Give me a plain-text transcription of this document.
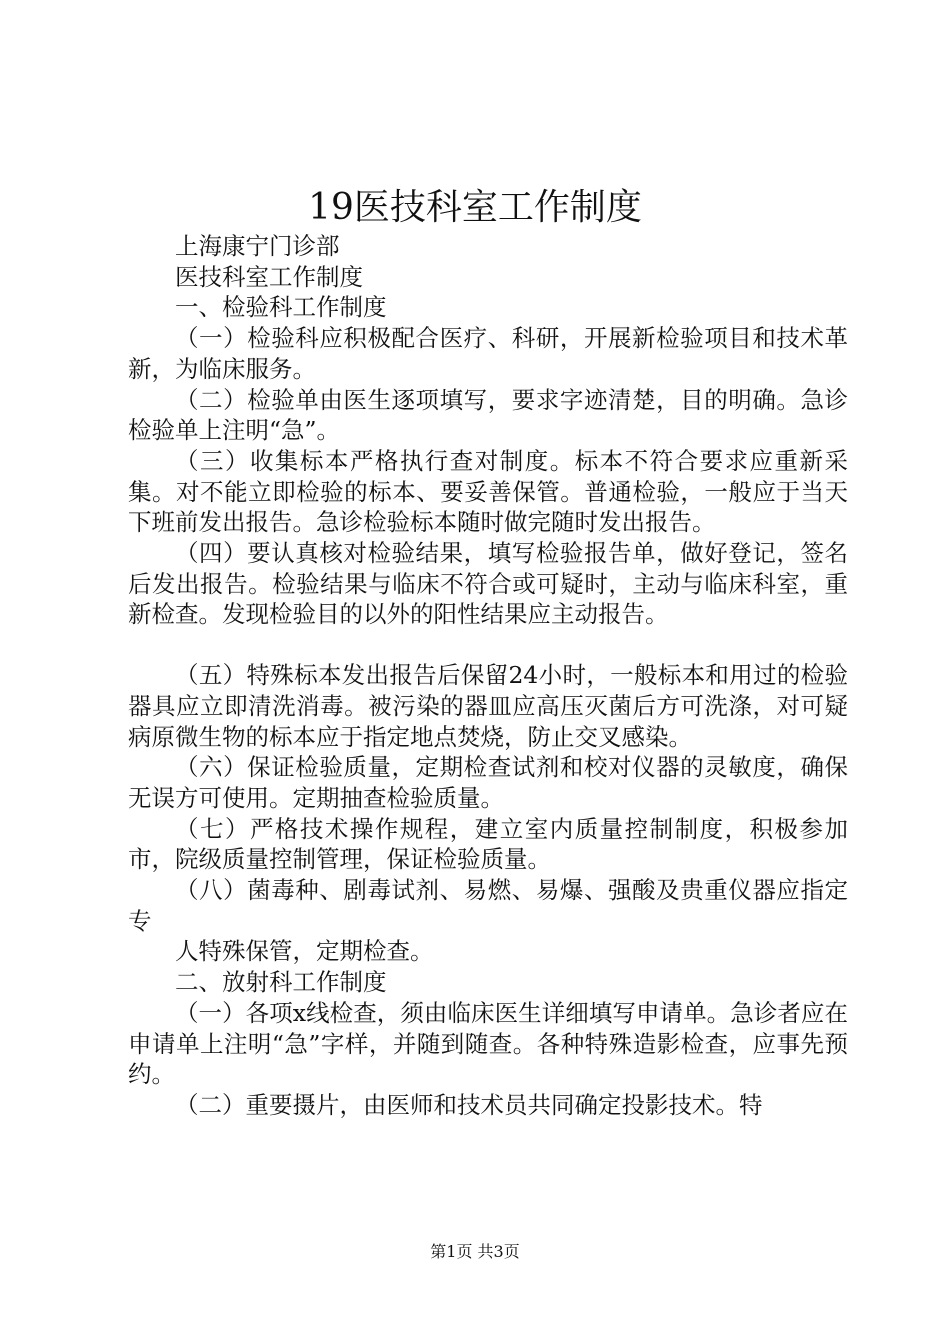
19医技科室工作制度

上海康宁门诊部

医技科室工作制度

一、检验科工作制度

（一）检验科应积极配合医疗、科研，开展新检验项目和技术革新，为临床服务。

（二）检验单由医生逐项填写，要求字迹清楚，目的明确。急诊检验单上注明“急”。

（三）收集标本严格执行查对制度。标本不符合要求应重新采集。对不能立即检验的标本、要妥善保管。普通检验，一般应于当天下班前发出报告。急诊检验标本随时做完随时发出报告。

（四）要认真核对检验结果，填写检验报告单，做好登记，签名后发出报告。检验结果与临床不符合或可疑时，主动与临床科室，重新检查。发现检验目的以外的阳性结果应主动报告。

（五）特殊标本发出报告后保留24小时，一般标本和用过的检验器具应立即清洗消毒。被污染的器皿应高压灭菌后方可洗涤，对可疑病原微生物的标本应于指定地点焚烧，防止交叉感染。

（六）保证检验质量，定期检查试剂和校对仪器的灵敏度，确保无误方可使用。定期抽查检验质量。

（七）严格技术操作规程，建立室内质量控制制度，积极参加市，院级质量控制管理，保证检验质量。

（八）菌毒种、剧毒试剂、易燃、易爆、强酸及贵重仪器应指定专

人特殊保管，定期检查。

二、放射科工作制度

（一）各项x线检查，须由临床医生详细填写申请单。急诊者应在申请单上注明“急”字样，并随到随查。各种特殊造影检查，应事先预约。

（二）重要摄片，由医师和技术员共同确定投影技术。特

第1页 共3页
